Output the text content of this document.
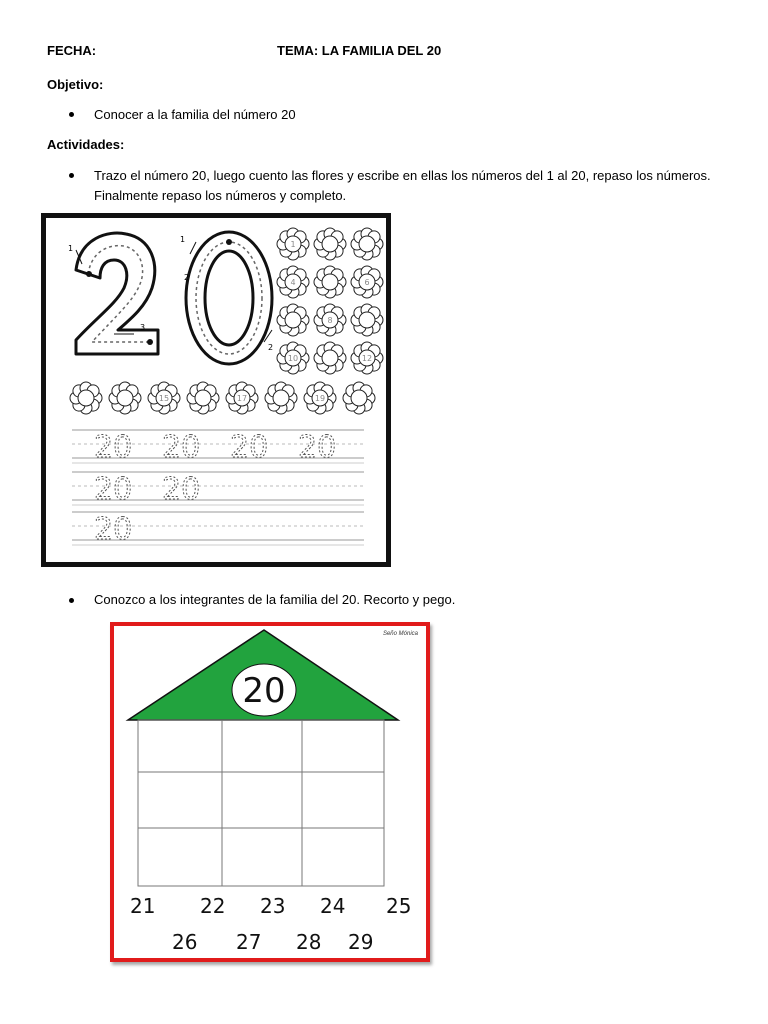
FECHA:	TEMA: LA FAMILIA DEL 20
Objetivo:
Conocer a la familia del número 20
Actividades:
Trazo el número 20, luego cuento las flores y escribe en ellas los números del 1 al 20, repaso los números.
Finalmente repaso los números y completo.
1
1
2
2
3
20
1
4	6
8
10	12
15	17	19
20 20 20 20
20 20
20
Conozco a los integrantes de la familia del 20. Recorto y pego.
Seño Mónica
20
21 22 23 24 25
26 27 28 29
